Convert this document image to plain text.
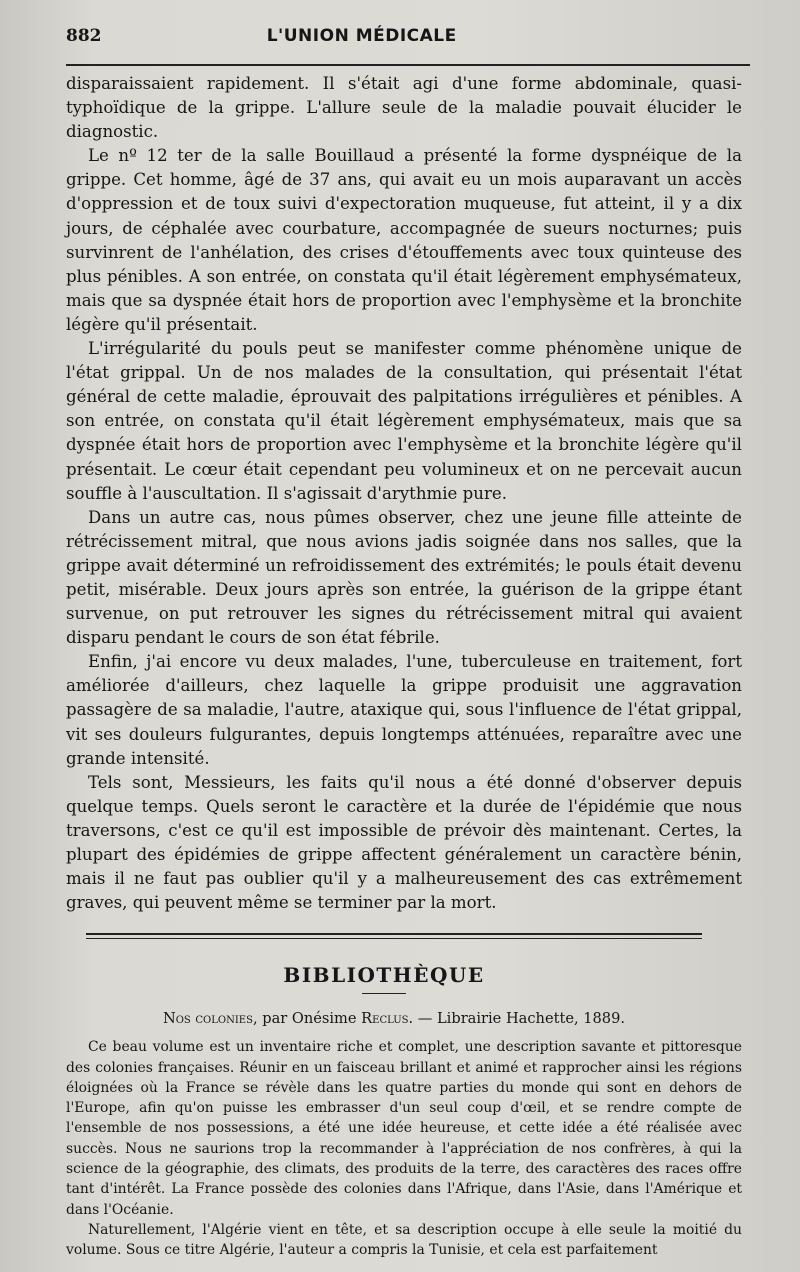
882	L'UNION MÉDICALE

disparaissaient rapidement. Il s'était agi d'une forme abdominale, quasi-typhoïdique de la grippe. L'allure seule de la maladie pouvait élucider le diagnostic.

Le nº 12 ter de la salle Bouillaud a présenté la forme dyspnéique de la grippe. Cet homme, âgé de 37 ans, qui avait eu un mois auparavant un accès d'oppression et de toux suivi d'expectoration muqueuse, fut atteint, il y a dix jours, de céphalée avec courbature, accompagnée de sueurs nocturnes; puis survinrent de l'anhélation, des crises d'étouffements avec toux quinteuse des plus pénibles. A son entrée, on constata qu'il était légèrement emphysémateux, mais que sa dyspnée était hors de proportion avec l'emphysème et la bronchite légère qu'il présentait.

L'irrégularité du pouls peut se manifester comme phénomène unique de l'état grippal. Un de nos malades de la consultation, qui présentait l'état général de cette maladie, éprouvait des palpitations irrégulières et pénibles. A son entrée, on constata qu'il était légèrement emphysémateux, mais que sa dyspnée était hors de proportion avec l'emphysème et la bronchite légère qu'il présentait. Le cœur était cependant peu volumineux et on ne percevait aucun souffle à l'auscultation. Il s'agissait d'arythmie pure.

Dans un autre cas, nous pûmes observer, chez une jeune fille atteinte de rétrécissement mitral, que nous avions jadis soignée dans nos salles, que la grippe avait déterminé un refroidissement des extrémités; le pouls était devenu petit, misérable. Deux jours après son entrée, la guérison de la grippe étant survenue, on put retrouver les signes du rétrécissement mitral qui avaient disparu pendant le cours de son état fébrile.

Enfin, j'ai encore vu deux malades, l'une, tuberculeuse en traitement, fort améliorée d'ailleurs, chez laquelle la grippe produisit une aggravation passagère de sa maladie, l'autre, ataxique qui, sous l'influence de l'état grippal, vit ses douleurs fulgurantes, depuis longtemps atténuées, reparaître avec une grande intensité.

Tels sont, Messieurs, les faits qu'il nous a été donné d'observer depuis quelque temps. Quels seront le caractère et la durée de l'épidémie que nous traversons, c'est ce qu'il est impossible de prévoir dès maintenant. Certes, la plupart des épidémies de grippe affectent généralement un caractère bénin, mais il ne faut pas oublier qu'il y a malheureusement des cas extrêmement graves, qui peuvent même se terminer par la mort.

BIBLIOTHÈQUE
Nos colonies, par Onésime Reclus. — Librairie Hachette, 1889.

Ce beau volume est un inventaire riche et complet, une description savante et pittoresque des colonies françaises. Réunir en un faisceau brillant et animé et rapprocher ainsi les régions éloignées où la France se révèle dans les quatre parties du monde qui sont en dehors de l'Europe, afin qu'on puisse les embrasser d'un seul coup d'œil, et se rendre compte de l'ensemble de nos possessions, a été une idée heureuse, et cette idée a été réalisée avec succès. Nous ne saurions trop la recommander à l'appréciation de nos confrères, à qui la science de la géographie, des climats, des produits de la terre, des caractères des races offre tant d'intérêt. La France possède des colonies dans l'Afrique, dans l'Asie, dans l'Amérique et dans l'Océanie.

Naturellement, l'Algérie vient en tête, et sa description occupe à elle seule la moitié du volume. Sous ce titre Algérie, l'auteur a compris la Tunisie, et cela est parfaitement
